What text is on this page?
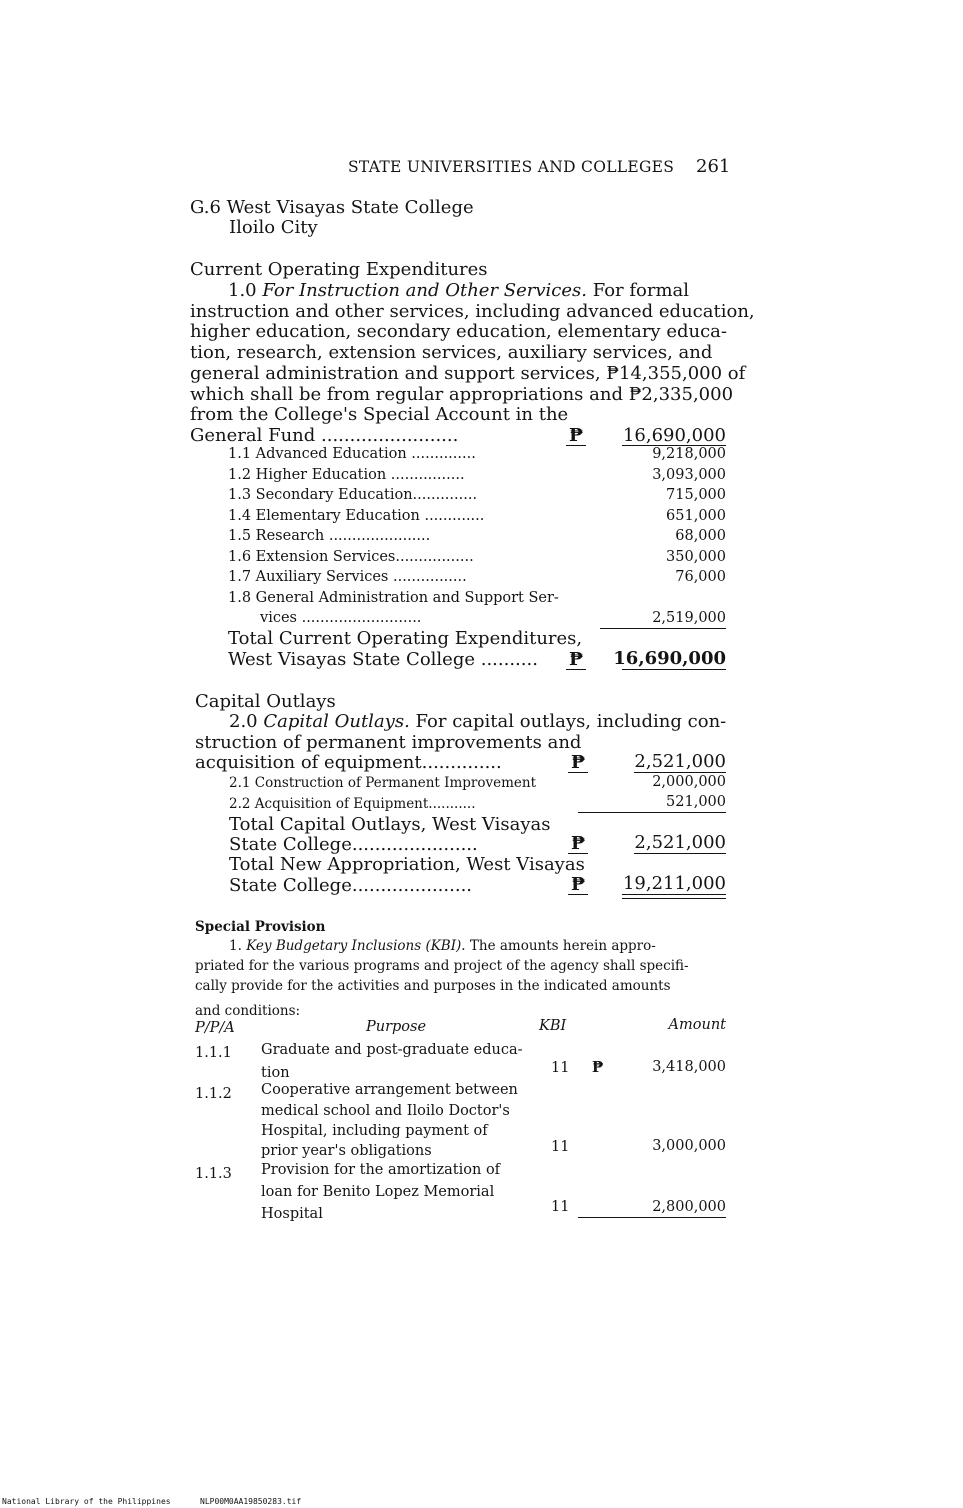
STATE UNIVERSITIES AND COLLEGES 261
G.6 West Visayas State College
Iloilo City
Current Operating Expenditures
1.0 For Instruction and Other Services. For formal
instruction and other services, including advanced education,
higher education, secondary education, elementary educa-
tion, research, extension services, auxiliary services, and
general administration and support services, ₱14,355,000 of
which shall be from regular appropriations and ₱2,335,000
from the College's Special Account in the
General Fund ........................	₱ 16,690,000
1.1 Advanced Education ..............	9,218,000
1.2 Higher Education ................	3,093,000
1.3 Secondary Education..............	715,000
1.4 Elementary Education .............	651,000
1.5 Research ......................	68,000
1.6 Extension Services.................	350,000
1.7 Auxiliary Services ................	76,000
1.8 General Administration and Support Ser-
vices ..........................	2,519,000
Total Current Operating Expenditures,
West Visayas State College .......... ₱ 16,690,000
Capital Outlays
2.0 Capital Outlays. For capital outlays, including con-
struction of permanent improvements and
acquisition of equipment..............	₱	2,521,000
2.1 Construction of Permanent Improvement	2,000,000
2.2 Acquisition of Equipment...........	521,000
Total Capital Outlays, West Visayas
State College......................	₱	2,521,000
Total New Appropriation, West Visayas
State College.....................	₱ 19,211,000
Special Provision
1. Key Budgetary Inclusions (KBI). The amounts herein appro-
priated for the various programs and project of the agency shall specifi-
cally provide for the activities and purposes in the indicated amounts
and conditions:
P/P/A	Purpose	KBI	Amount
1.1.1 Graduate and post-graduate educa-
tion	11 ₱	3,418,000
1.1.2 Cooperative arrangement between
medical school and Iloilo Doctor's
Hospital, including payment of
prior year's obligations	11	3,000,000
1.1.3 Provision for the amortization of
loan for Benito Lopez Memorial
Hospital	11	2,800,000
National Library of the Philippines	NLP00M0AA19850283.tif
